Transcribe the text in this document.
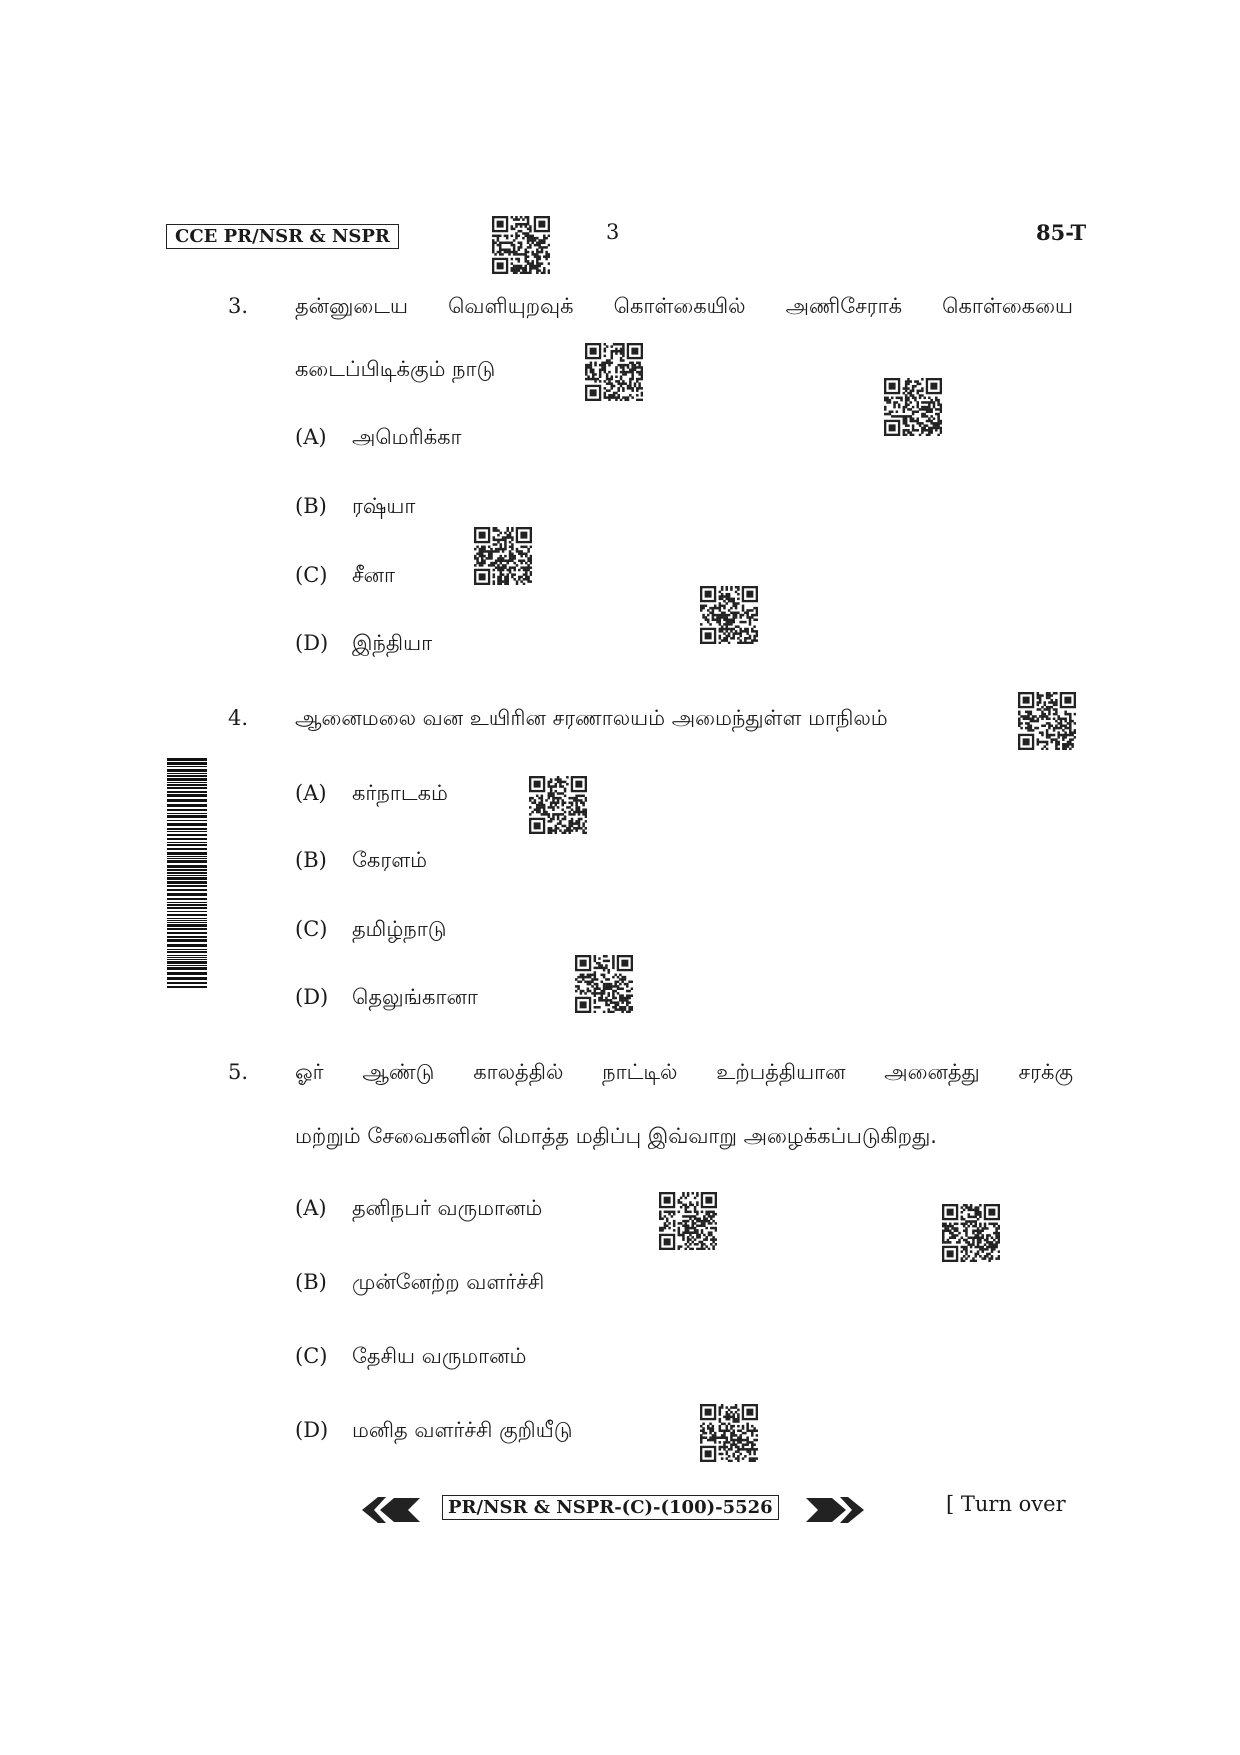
CCE PR/NSR & NSPR	3	85-T
3. தன்னுடைய வெளியுறவுக் கொள்கையில் அணிசேராக் கொள்கையை
கடைப்பிடிக்கும் நாடு
(A) அமெரிக்கா
(B) ரஷ்யா
(C) சீனா
(D) இந்தியா
4. ஆனைமலை வன உயிரின சரணாலயம் அமைந்துள்ள மாநிலம்
(A) கர்நாடகம்
(B) கேரளம்
(C) தமிழ்நாடு
(D) தெலுங்கானா
5. ஓர் ஆண்டு காலத்தில் நாட்டில் உற்பத்தியான அனைத்து சரக்கு
மற்றும் சேவைகளின் மொத்த மதிப்பு இவ்வாறு அழைக்கப்படுகிறது.
(A) தனிநபர் வருமானம்
(B) முன்னேற்ற வளர்ச்சி
(C) தேசிய வருமானம்
(D) மனித வளர்ச்சி குறியீடு
PR/NSR & NSPR-(C)-(100)-5526	[ Turn over
